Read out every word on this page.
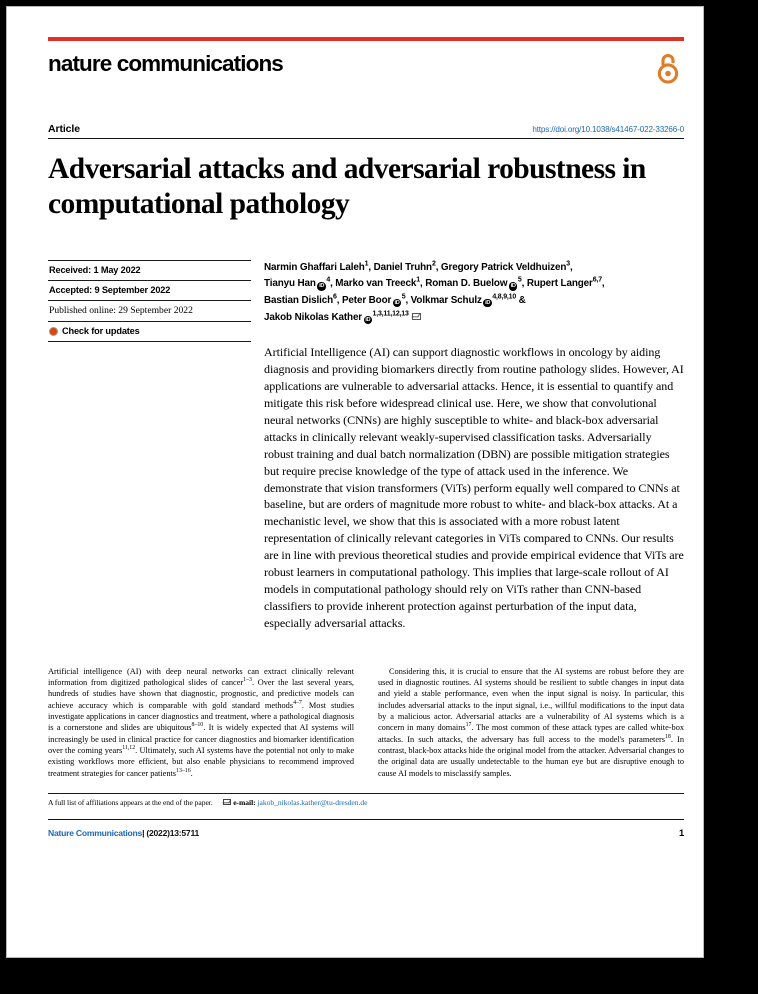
nature communications
Article	https://doi.org/10.1038/s41467-022-33266-0
Adversarial attacks and adversarial robustness in computational pathology
Received: 1 May 2022
Accepted: 9 September 2022
Published online: 29 September 2022
Check for updates
Narmin Ghaffari Laleh$^1$, Daniel Truhn$^2$, Gregory Patrick Veldhuizen$^3$,
Tianyu Han $iD^4$, Marko van Treeck$^1$, Roman D. Buelow $iD^5$, Rupert Langer$^{6,7}$,
Bastian Dislich$^6$, Peter Boor $iD^5$, Volkmar Schulz iD$^{4,8,9,10}$ &
Jakob Nikolas Kather iD$^{1,3,11,12,13}$
Artificial Intelligence (AI) can support diagnostic workflows in oncology by aiding diagnosis and providing biomarkers directly from routine pathology slides. However, AI applications are vulnerable to adversarial attacks. Hence, it is essential to quantify and mitigate this risk before widespread clinical use. Here, we show that convolutional neural networks (CNNs) are highly susceptible to white- and black-box adversarial attacks in clinically relevant weakly-supervised classification tasks. Adversarially robust training and dual batch normalization (DBN) are possible mitigation strategies but require precise knowledge of the type of attack used in the inference. We demonstrate that vision transformers (ViTs) perform equally well compared to CNNs at baseline, but are orders of magnitude more robust to white- and black-box attacks. At a mechanistic level, we show that this is associated with a more robust latent representation of clinically relevant categories in ViTs compared to CNNs. Our results are in line with previous theoretical studies and provide empirical evidence that ViTs are robust learners in computational pathology. This implies that large-scale rollout of AI models in computational pathology should rely on ViTs rather than CNN-based classifiers to provide inherent protection against perturbation of the input data, especially adversarial attacks.

Artificial intelligence (AI) with deep neural networks can extract clinically relevant information from digitized pathological slides of cancer$^{1-3}$. Over the last several years, hundreds of studies have shown that diagnostic, prognostic, and predictive models can achieve accuracy which is comparable with gold standard methods$^{4-7}$. Most studies investigate applications in cancer diagnostics and treatment, where a pathological diagnosis is a cornerstone and slides are ubiquitous$^{8-10}$. It is widely expected that AI systems will increasingly be used in clinical practice for cancer diagnostics and biomarker identification over the coming years$^{11,12}$. Ultimately, such AI systems have the potential not only to make existing workflows more efficient, but also enable physicians to recommend improved treatment strategies for cancer patients$^{13-16}$.

Considering this, it is crucial to ensure that the AI systems are robust before they are used in diagnostic routines. AI systems should be resilient to subtle changes in input data and yield a stable performance, even when the input signal is noisy. In particular, this includes adversarial attacks to the input signal, i.e., willful modifications to the input data by a malicious actor. Adversarial attacks are a vulnerability of AI systems which is a concern in many domains$^{17}$. The most common of these attack types are called white-box attacks. In such attacks, the adversary has full access to the model's parameters$^{18}$. In contrast, black-box attacks hide the original model from the attacker. Adversarial changes to the original data are usually undetectable to the human eye but are disruptive enough to cause AI models to misclassify samples.

A full list of affiliations appears at the end of the paper.	e-mail:
jakob_nikolas.kather@tu-dresden.de
Nature Communications| (2022)13:5711	1
